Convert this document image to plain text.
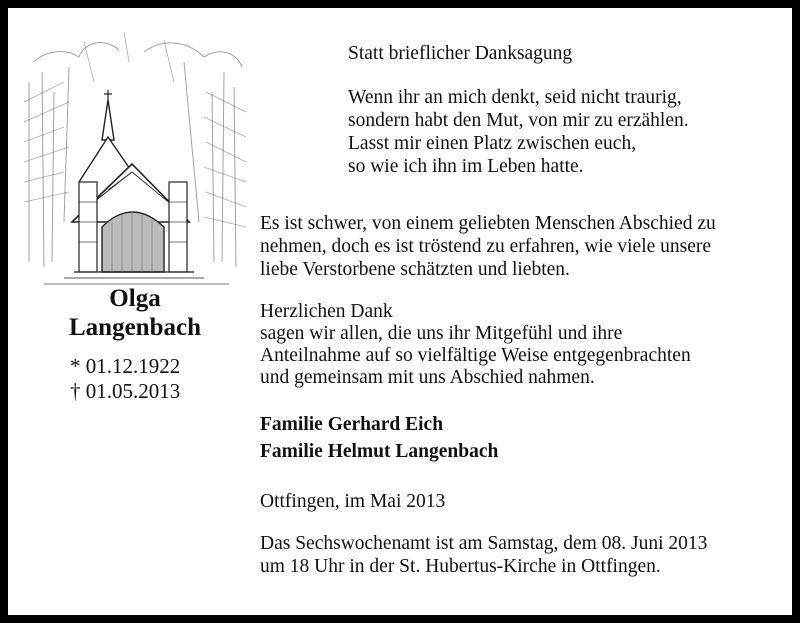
Olga
Langenbach
* 01.12.1922
† 01.05.2013
Statt brieflicher Danksagung
Wenn ihr an mich denkt, seid nicht traurig,
sondern habt den Mut, von mir zu erzählen.
Lasst mir einen Platz zwischen euch,
so wie ich ihn im Leben hatte.
Es ist schwer, von einem geliebten Menschen Abschied zu
nehmen, doch es ist tröstend zu erfahren, wie viele unsere
liebe Verstorbene schätzten und liebten.
Herzlichen Dank
sagen wir allen, die uns ihr Mitgefühl und ihre
Anteilnahme auf so vielfältige Weise entgegenbrachten
und gemeinsam mit uns Abschied nahmen.
Familie Gerhard Eich
Familie Helmut Langenbach
Ottfingen, im Mai 2013
Das Sechswochenamt ist am Samstag, dem 08. Juni 2013
um 18 Uhr in der St. Hubertus-Kirche in Ottfingen.
